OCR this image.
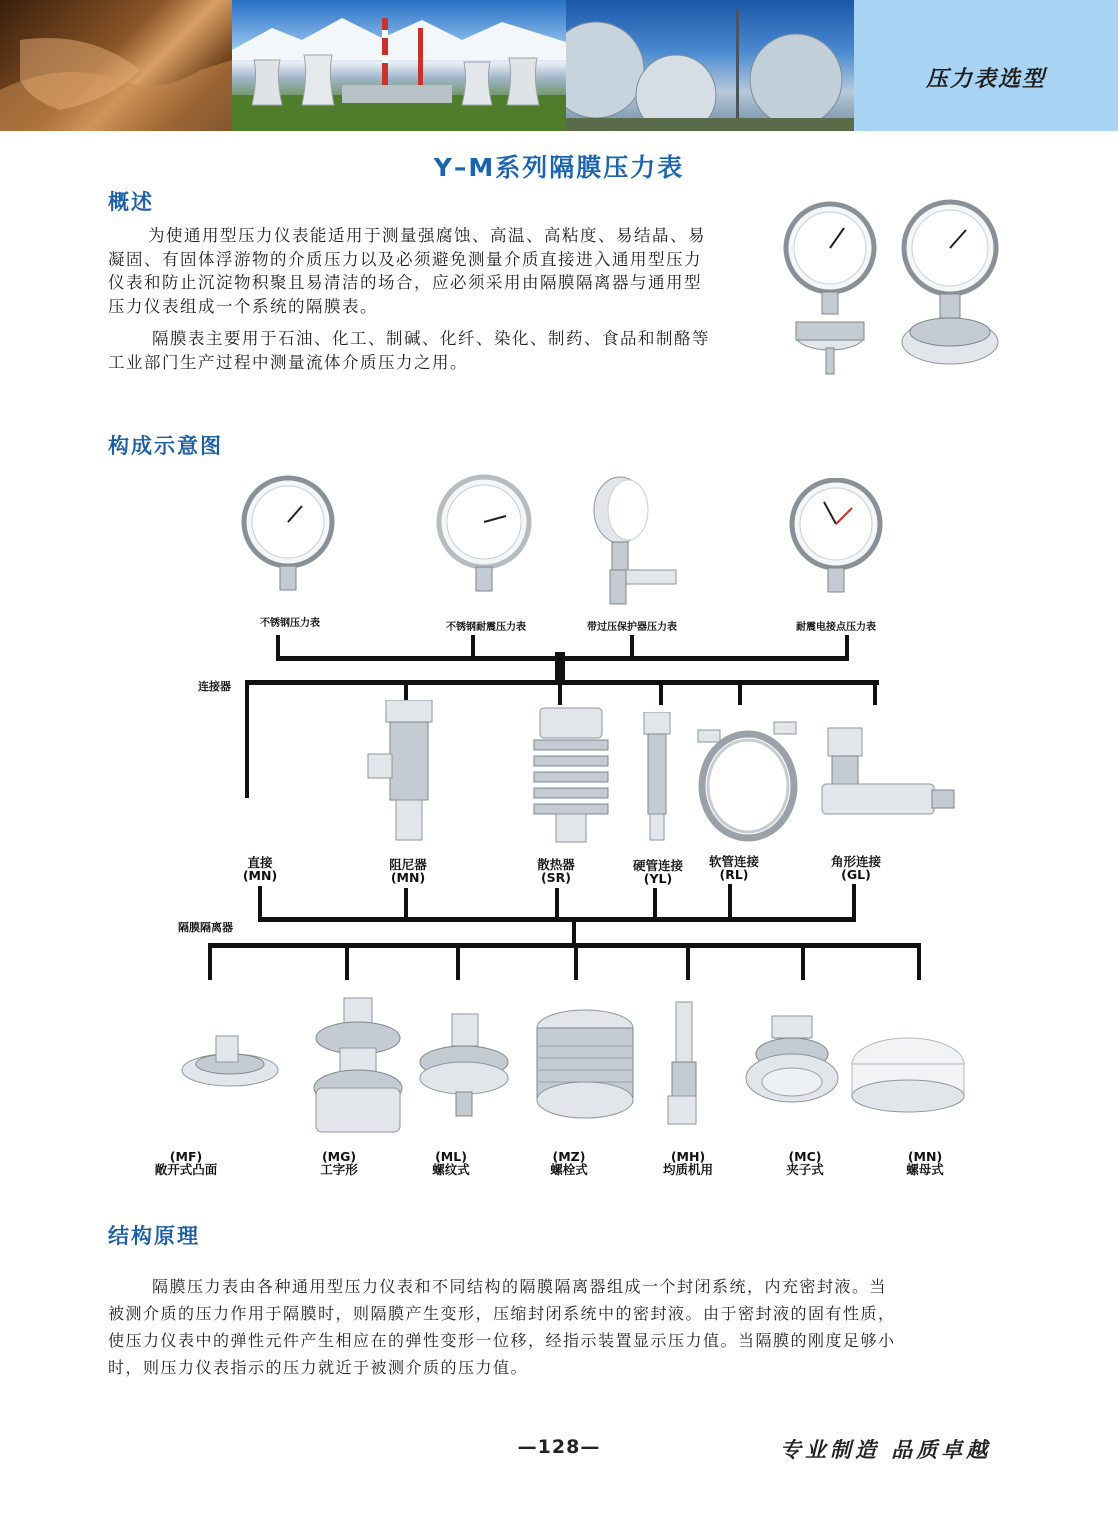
压力表选型
Y–M系列隔膜压力表
概述
为使通用型压力仪表能适用于测量强腐蚀、高温、高粘度、易结晶、易
凝固、有固体浮游物的介质压力以及必须避免测量介质直接进入通用型压力
仪表和防止沉淀物积聚且易清洁的场合，应必须采用由隔膜隔离器与通用型
压力仪表组成一个系统的隔膜表。
隔膜表主要用于石油、化工、制碱、化纤、染化、制药、食品和制酪等
工业部门生产过程中测量流体介质压力之用。
构成示意图
不锈钢压力表	不锈钢耐震压力表	带过压保护器压力表	耐震电接点压力表
连接器
直接
(MN)
阻尼器
(MN)
散热器
(SR)
硬管连接
(YL)
软管连接
(RL)
角形连接
(GL)
隔膜隔离器
(MF)
敞开式凸面
(MG)
工字形
(ML)
螺纹式
(MZ)
螺栓式
(MH)
均质机用
(MC)
夹子式
(MN)
螺母式
结构原理
隔膜压力表由各种通用型压力仪表和不同结构的隔膜隔离器组成一个封闭系统，内充密封液。当
被测介质的压力作用于隔膜时，则隔膜产生变形，压缩封闭系统中的密封液。由于密封液的固有性质，
使压力仪表中的弹性元件产生相应在的弹性变形一位移，经指示装置显示压力值。当隔膜的刚度足够小
时，则压力仪表指示的压力就近于被测介质的压力值。
—128—	专业制造 品质卓越
